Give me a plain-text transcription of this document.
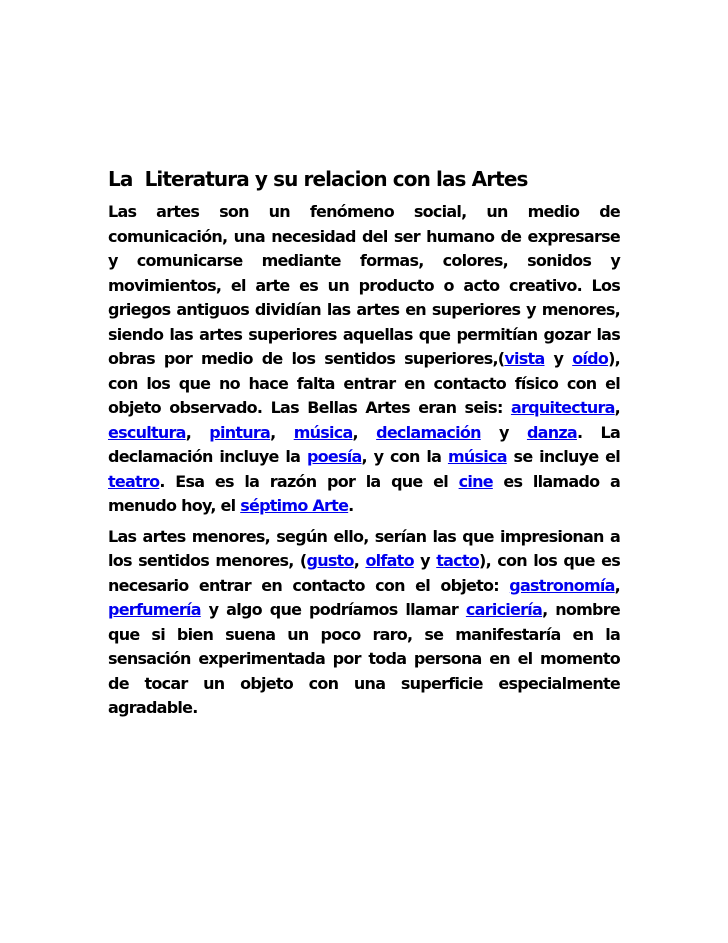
La  Literatura y su relacion con las Artes

Las artes son un fenómeno social, un medio de comunicación, una necesidad del ser humano de expresarse y comunicarse mediante formas, colores, sonidos y movimientos, el arte es un producto o acto creativo. Los griegos antiguos dividían las artes en superiores y menores, siendo las artes superiores aquellas que permitían gozar las obras por medio de los sentidos superiores,(vista y oído), con los que no hace falta entrar en contacto físico con el objeto observado. Las Bellas Artes eran seis: arquitectura, escultura, pintura, música, declamación y danza. La declamación incluye la poesía, y con la música se incluye el teatro. Esa es la razón por la que el cine es llamado a menudo hoy, el séptimo Arte.

Las artes menores, según ello, serían las que impresionan a los sentidos menores, (gusto, olfato y tacto), con los que es necesario entrar en contacto con el objeto: gastronomía, perfumería y algo que podríamos llamar cariciería, nombre que si bien suena un poco raro, se manifestaría en la sensación experimentada por toda persona en el momento de tocar un objeto con una superficie especialmente agradable.
